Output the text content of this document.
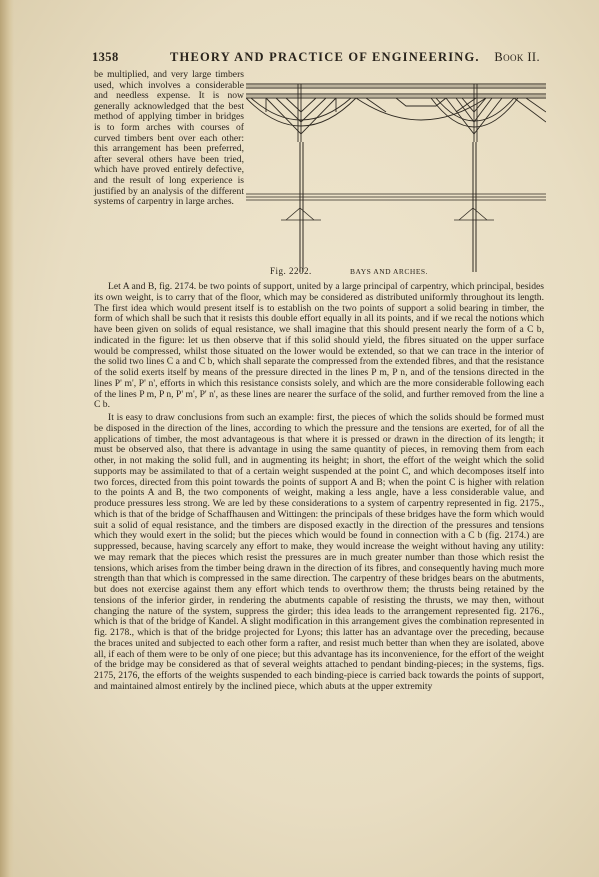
1358	THEORY AND PRACTICE OF ENGINEERING. Book II.
be multiplied, and very large timbers used, which involves a considerable and needless expense. It is now generally acknowledged that the best method of applying timber in bridges is to form arches with courses of curved timbers bent over each other: this arrangement has been preferred, after several others have been tried, which have proved entirely defective, and the result of long experience is justified by an analysis of the different systems of carpentry in large arches.
Fig. 2202.	BAYS AND ARCHES.

Let A and B, fig. 2174. be two points of support, united by a large principal of carpentry, which principal, besides its own weight, is to carry that of the floor, which may be considered as distributed uniformly throughout its length. The first idea which would present itself is to establish on the two points of support a solid bearing in timber, the form of which shall be such that it resists this double effort equally in all its points, and if we recal the notions which have been given on solids of equal resistance, we shall imagine that this should present nearly the form of a C b, indicated in the figure: let us then observe that if this solid should yield, the fibres situated on the upper surface would be compressed, whilst those situated on the lower would be extended, so that we can trace in the interior of the solid two lines C a and C b, which shall separate the compressed from the extended fibres, and that the resistance of the solid exerts itself by means of the pressure directed in the lines P m, P n, and of the tensions directed in the lines P' m', P' n', efforts in which this resistance consists solely, and which are the more considerable following each of the lines P m, P n, P' m', P' n', as these lines are nearer the surface of the solid, and further removed from the line a C b.

It is easy to draw conclusions from such an example: first, the pieces of which the solids should be formed must be disposed in the direction of the lines, according to which the pressure and the tensions are exerted, for of all the applications of timber, the most advantageous is that where it is pressed or drawn in the direction of its length; it must be observed also, that there is advantage in using the same quantity of pieces, in removing them from each other, in not making the solid full, and in augmenting its height; in short, the effort of the weight which the solid supports may be assimilated to that of a certain weight suspended at the point C, and which decomposes itself into two forces, directed from this point towards the points of support A and B; when the point C is higher with relation to the points A and B, the two components of weight, making a less angle, have a less considerable value, and produce pressures less strong. We are led by these considerations to a system of carpentry represented in fig. 2175., which is that of the bridge of Schaffhausen and Wittingen: the principals of these bridges have the form which would suit a solid of equal resistance, and the timbers are disposed exactly in the direction of the pressures and tensions which they would exert in the solid; but the pieces which would be found in connection with a C b (fig. 2174.) are suppressed, because, having scarcely any effort to make, they would increase the weight without having any utility: we may remark that the pieces which resist the pressures are in much greater number than those which resist the tensions, which arises from the timber being drawn in the direction of its fibres, and consequently having much more strength than that which is compressed in the same direction. The carpentry of these bridges bears on the abutments, but does not exercise against them any effort which tends to overthrow them; the thrusts being retained by the tensions of the inferior girder, in rendering the abutments capable of resisting the thrusts, we may then, without changing the nature of the system, suppress the girder; this idea leads to the arrangement represented fig. 2176., which is that of the bridge of Kandel. A slight modification in this arrangement gives the combination represented in fig. 2178., which is that of the bridge projected for Lyons; this latter has an advantage over the preceding, because the braces united and subjected to each other form a rafter, and resist much better than when they are isolated, above all, if each of them were to be only of one piece; but this advantage has its inconvenience, for the effort of the weight of the bridge may be considered as that of several weights attached to pendant binding-pieces; in the systems, figs. 2175, 2176, the efforts of the weights suspended to each binding-piece is carried back towards the points of support, and maintained almost entirely by the inclined piece, which abuts at the upper extremity
